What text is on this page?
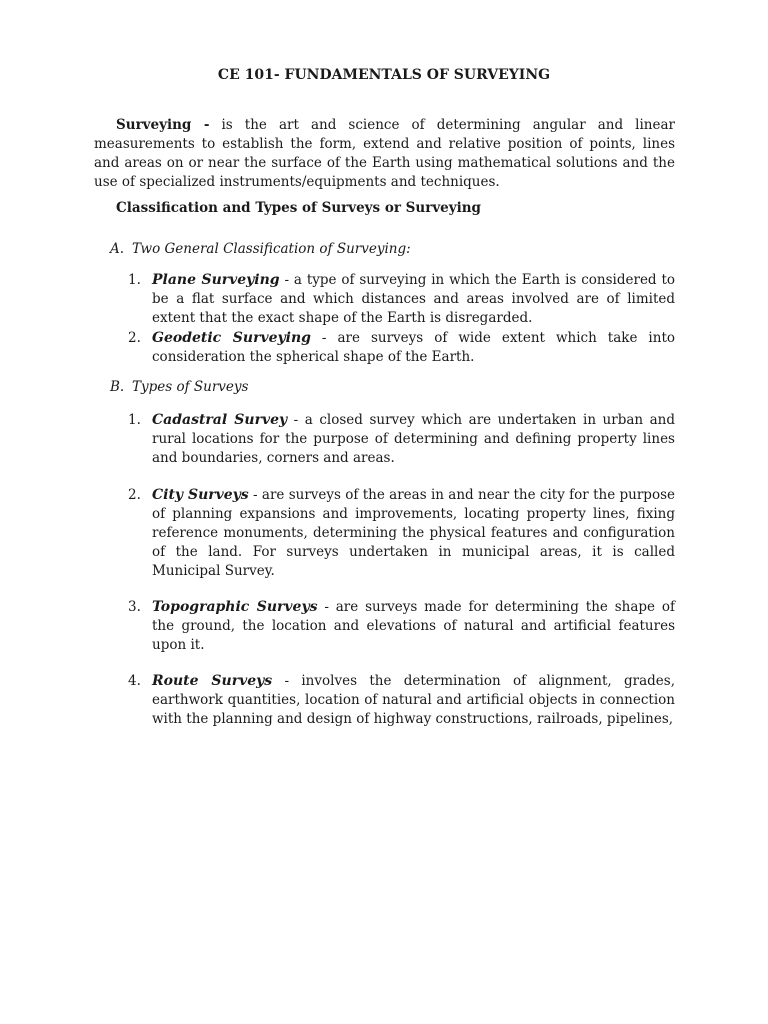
CE 101- FUNDAMENTALS OF SURVEYING

Surveying - is the art and science of determining angular and linear measurements to establish the form, extend and relative position of points, lines and areas on or near the surface of the Earth using mathematical solutions and the use of specialized instruments/equipments and techniques.

Classification and Types of Surveys or Surveying

A. Two General Classification of Surveying:

1. Plane Surveying - a type of surveying in which the Earth is considered to be a flat surface and which distances and areas involved are of limited extent that the exact shape of the Earth is disregarded.
2. Geodetic Surveying - are surveys of wide extent which take into consideration the spherical shape of the Earth.

B. Types of Surveys

1. Cadastral Survey - a closed survey which are undertaken in urban and rural locations for the purpose of determining and defining property lines and boundaries, corners and areas.
2. City Surveys - are surveys of the areas in and near the city for the purpose of planning expansions and improvements, locating property lines, fixing reference monuments, determining the physical features and configuration of the land. For surveys undertaken in municipal areas, it is called Municipal Survey.
3. Topographic Surveys - are surveys made for determining the shape of the ground, the location and elevations of natural and artificial features upon it.
4. Route Surveys - involves the determination of alignment, grades, earthwork quantities, location of natural and artificial objects in connection with the planning and design of highway constructions, railroads, pipelines,
